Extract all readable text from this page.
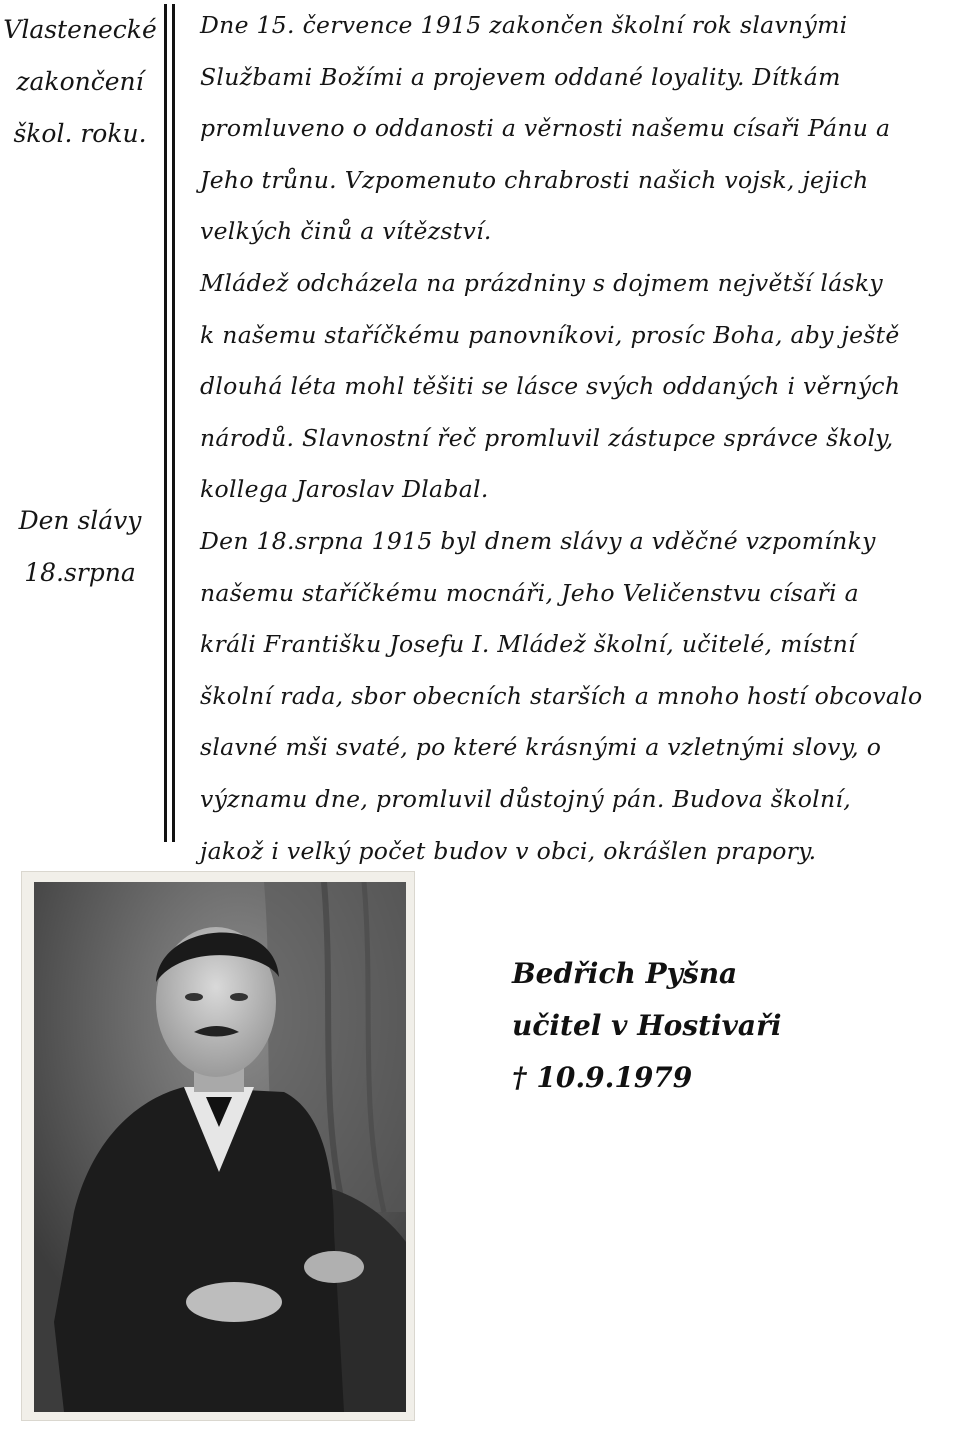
Vlastenecké
zakončení
škol. roku.
Den slávy
18.srpna
Dne 15. července 1915 zakončen školní rok slavnými
Službami Božími a projevem oddané loyality. Dítkám
promluveno o oddanosti a věrnosti našemu císaři Pánu a
Jeho trůnu. Vzpomenuto chrabrosti našich vojsk, jejich
velkých činů a vítězství.
Mládež odcházela na prázdniny s dojmem největší lásky
k našemu staříčkému panovníkovi, prosíc Boha, aby ještě
dlouhá léta mohl těšiti se lásce svých oddaných i věrných
národů. Slavnostní řeč promluvil zástupce správce školy,
kollega Jaroslav Dlabal.
Den 18.srpna 1915 byl dnem slávy a vděčné vzpomínky
našemu staříčkému mocnáři, Jeho Veličenstvu císaři a
králi Františku Josefu I. Mládež školní, učitelé, místní
školní rada, sbor obecních starších a mnoho hostí obcovalo
slavné mši svaté, po které krásnými a vzletnými slovy, o
významu dne, promluvil důstojný pán. Budova školní,
jakož i velký počet budov v obci, okrášlen prapory.
Bedřich Pyšna
učitel v Hostivaři
† 10.9.1979
